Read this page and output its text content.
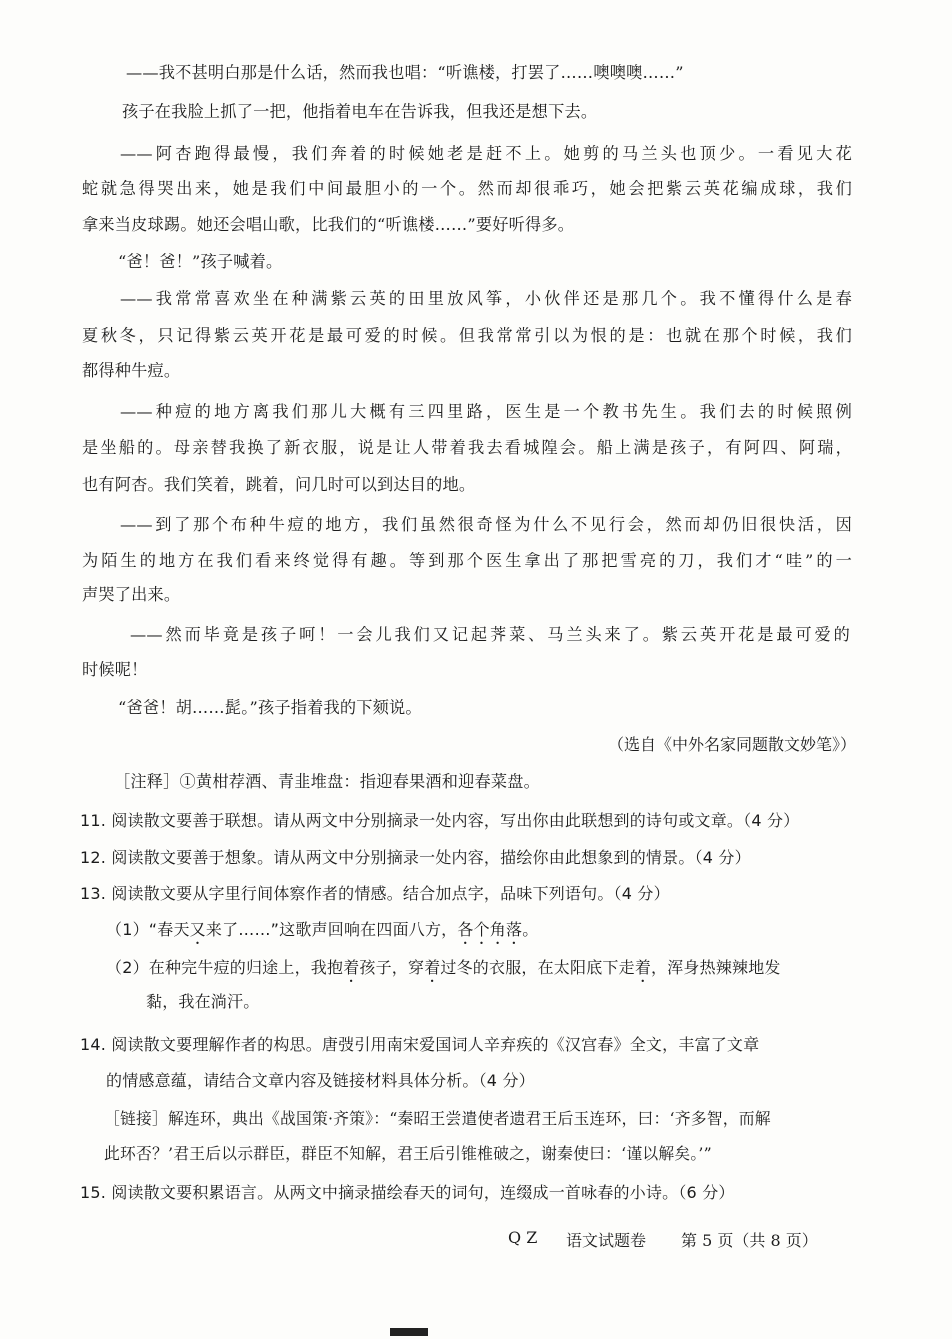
——我不甚明白那是什么话，然而我也唱：“听谯楼，打罢了……噢噢噢……”
孩子在我脸上抓了一把，他指着电车在告诉我，但我还是想下去。
——阿杏跑得最慢，我们奔着的时候她老是赶不上。她剪的马兰头也顶少。一看见大花
蛇就急得哭出来，她是我们中间最胆小的一个。然而却很乖巧，她会把紫云英花编成球，我们
拿来当皮球踢。她还会唱山歌，比我们的“听谯楼……”要好听得多。
“爸！爸！”孩子喊着。
——我常常喜欢坐在种满紫云英的田里放风筝，小伙伴还是那几个。我不懂得什么是春
夏秋冬，只记得紫云英开花是最可爱的时候。但我常常引以为恨的是：也就在那个时候，我们
都得种牛痘。
——种痘的地方离我们那儿大概有三四里路，医生是一个教书先生。我们去的时候照例
是坐船的。母亲替我换了新衣服，说是让人带着我去看城隍会。船上满是孩子，有阿四、阿瑞，
也有阿杏。我们笑着，跳着，问几时可以到达目的地。
——到了那个布种牛痘的地方，我们虽然很奇怪为什么不见行会，然而却仍旧很快活，因
为陌生的地方在我们看来终觉得有趣。等到那个医生拿出了那把雪亮的刀，我们才“哇”的一
声哭了出来。
——然而毕竟是孩子呵！一会儿我们又记起荠菜、马兰头来了。紫云英开花是最可爱的
时候呢！
“爸爸！胡……髭。”孩子指着我的下颏说。
（选自《中外名家同题散文妙笔》）
［注释］①黄柑荐酒、青韭堆盘：指迎春果酒和迎春菜盘。
11. 阅读散文要善于联想。请从两文中分别摘录一处内容，写出你由此联想到的诗句或文章。（4 分）
12. 阅读散文要善于想象。请从两文中分别摘录一处内容，描绘你由此想象到的情景。（4 分）
13. 阅读散文要从字里行间体察作者的情感。结合加点字，品味下列语句。（4 分）
（1）“春天又来了……”这歌声回响在四面八方，各个角落。
（2）在种完牛痘的归途上，我抱着孩子，穿着过冬的衣服，在太阳底下走着，浑身热辣辣地发
黏，我在淌汗。
14. 阅读散文要理解作者的构思。唐弢引用南宋爱国词人辛弃疾的《汉宫春》全文，丰富了文章
的情感意蕴，请结合文章内容及链接材料具体分析。（4 分）
［链接］解连环，典出《战国策·齐策》：“秦昭王尝遣使者遗君王后玉连环，曰：‘齐多智，而解
此环否？’君王后以示群臣，群臣不知解，君王后引锥椎破之，谢秦使曰：‘谨以解矣。’”
15. 阅读散文要积累语言。从两文中摘录描绘春天的词句，连缀成一首咏春的小诗。（6 分）
Q Z 语文试题卷 第 5 页（共 8 页）
